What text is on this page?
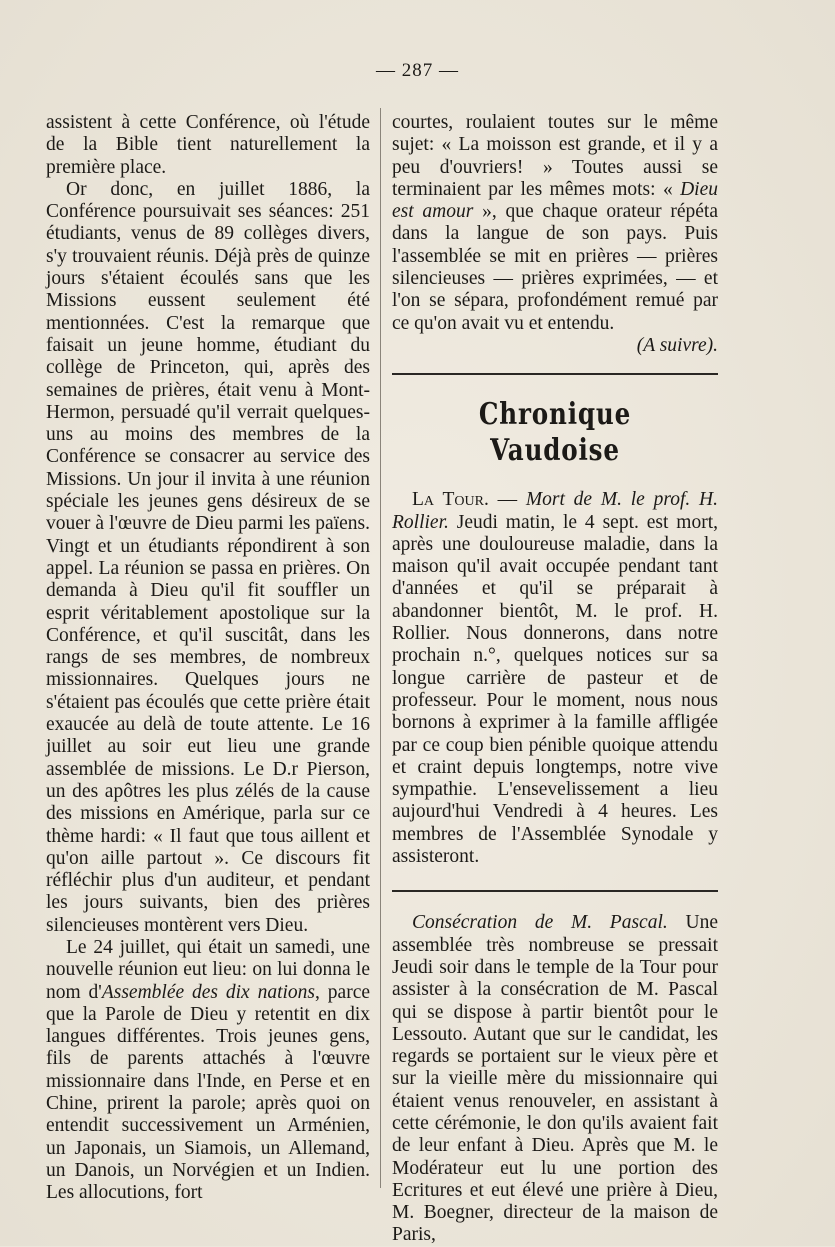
— 287 —

assistent à cette Conférence, où l'étude de la Bible tient naturellement la première place.

Or donc, en juillet 1886, la Conférence poursuivait ses séances: 251 étudiants, venus de 89 collèges divers, s'y trouvaient réunis. Déjà près de quinze jours s'étaient écoulés sans que les Missions eussent seulement été mentionnées. C'est la remarque que faisait un jeune homme, étudiant du collège de Princeton, qui, après des semaines de prières, était venu à Mont-Hermon, persuadé qu'il verrait quelques-uns au moins des membres de la Conférence se consacrer au service des Missions. Un jour il invita à une réunion spéciale les jeunes gens désireux de se vouer à l'œuvre de Dieu parmi les païens. Vingt et un étudiants répondirent à son appel. La réunion se passa en prières. On demanda à Dieu qu'il fit souffler un esprit véritablement apostolique sur la Conférence, et qu'il suscitât, dans les rangs de ses membres, de nombreux missionnaires. Quelques jours ne s'étaient pas écoulés que cette prière était exaucée au delà de toute attente. Le 16 juillet au soir eut lieu une grande assemblée de missions. Le D.r Pierson, un des apôtres les plus zélés de la cause des missions en Amérique, parla sur ce thème hardi: « Il faut que tous aillent et qu'on aille partout ». Ce discours fit réfléchir plus d'un auditeur, et pendant les jours suivants, bien des prières silencieuses montèrent vers Dieu.

Le 24 juillet, qui était un samedi, une nouvelle réunion eut lieu: on lui donna le nom d'Assemblée des dix nations, parce que la Parole de Dieu y retentit en dix langues différentes. Trois jeunes gens, fils de parents attachés à l'œuvre missionnaire dans l'Inde, en Perse et en Chine, prirent la parole; après quoi on entendit successivement un Arménien, un Japonais, un Siamois, un Allemand, un Danois, un Norvégien et un Indien. Les allocutions, fort

courtes, roulaient toutes sur le même sujet: « La moisson est grande, et il y a peu d'ouvriers! » Toutes aussi se terminaient par les mêmes mots: « Dieu est amour », que chaque orateur répéta dans la langue de son pays. Puis l'assemblée se mit en prières — prières silencieuses — prières exprimées, — et l'on se sépara, profondément remué par ce qu'on avait vu et entendu.

(A suivre).

Chronique Vaudoise

La Tour. — Mort de M. le prof. H. Rollier. Jeudi matin, le 4 sept. est mort, après une douloureuse maladie, dans la maison qu'il avait occupée pendant tant d'années et qu'il se préparait à abandonner bientôt, M. le prof. H. Rollier. Nous donnerons, dans notre prochain n.°, quelques notices sur sa longue carrière de pasteur et de professeur. Pour le moment, nous nous bornons à exprimer à la famille affligée par ce coup bien pénible quoique attendu et craint depuis longtemps, notre vive sympathie. L'ensevelissement a lieu aujourd'hui Vendredi à 4 heures. Les membres de l'Assemblée Synodale y assisteront.

Consécration de M. Pascal. Une assemblée très nombreuse se pressait Jeudi soir dans le temple de la Tour pour assister à la consécration de M. Pascal qui se dispose à partir bientôt pour le Lessouto. Autant que sur le candidat, les regards se portaient sur le vieux père et sur la vieille mère du missionnaire qui étaient venus renouveler, en assistant à cette cérémonie, le don qu'ils avaient fait de leur enfant à Dieu. Après que M. le Modérateur eut lu une portion des Ecritures et eut élevé une prière à Dieu, M. Boegner, directeur de la maison de Paris,
